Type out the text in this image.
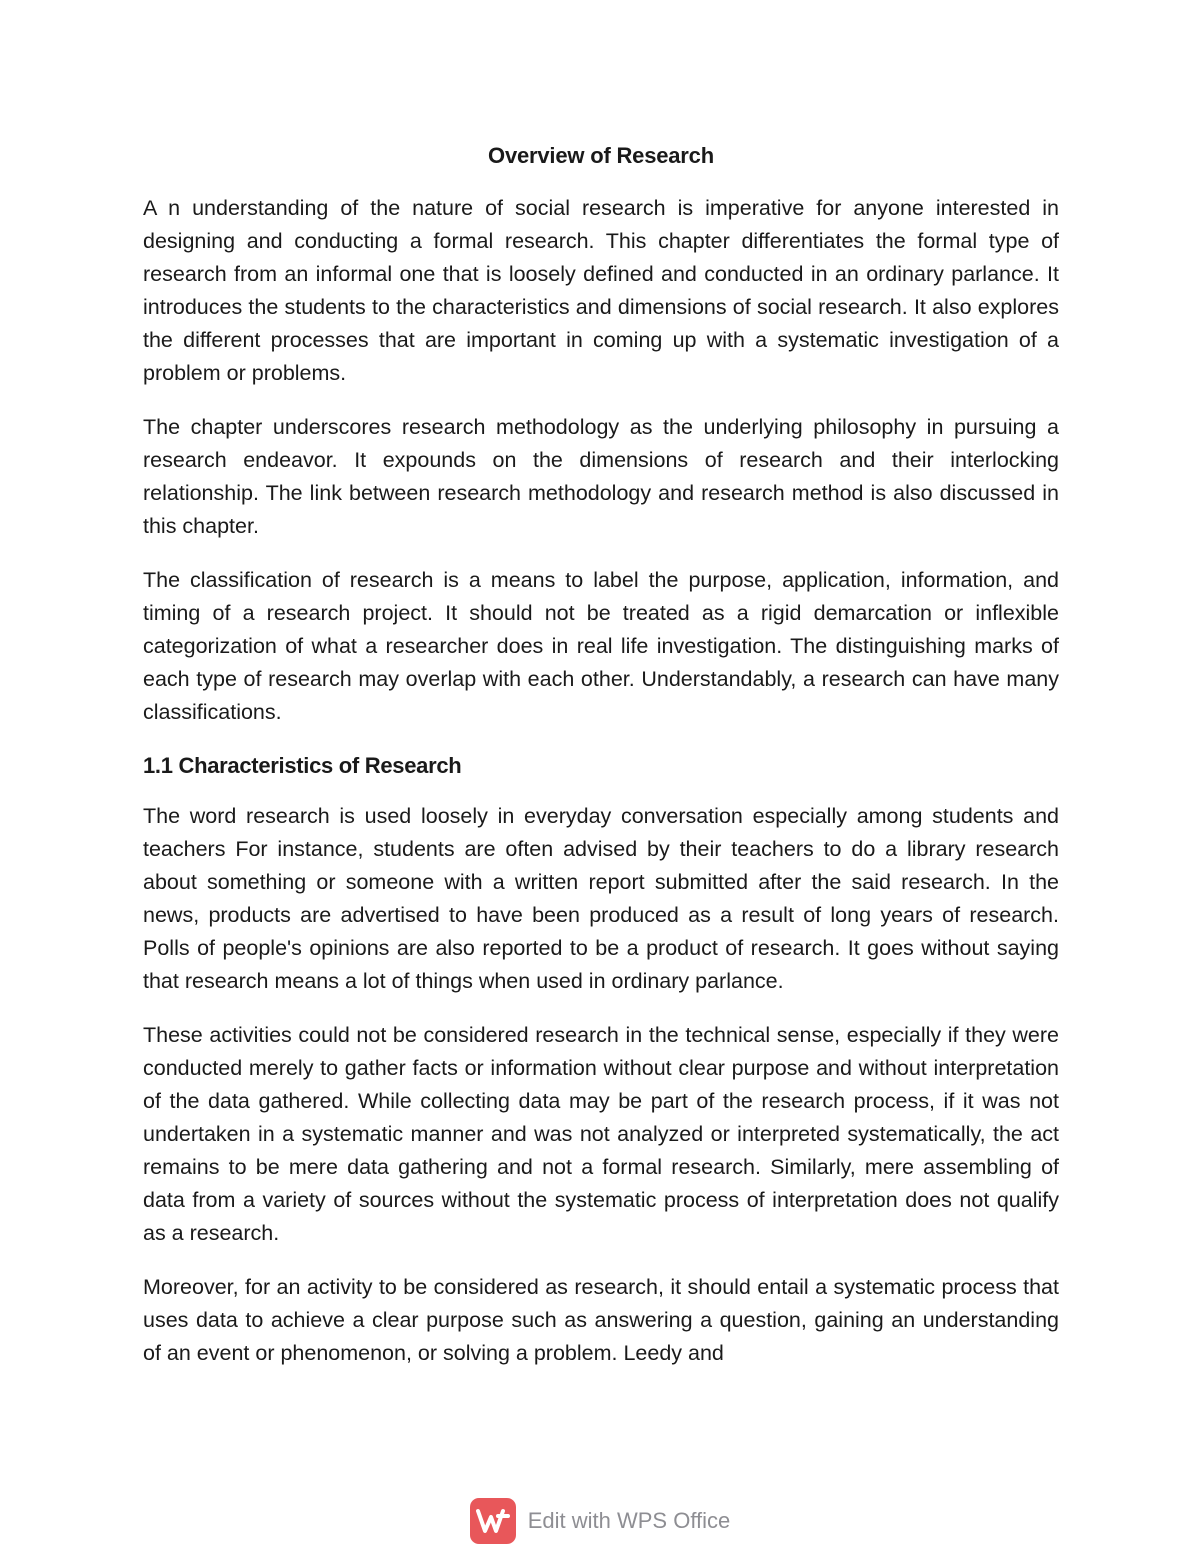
Overview of Research

A n understanding of the nature of social research is imperative for anyone interested in designing and conducting a formal research. This chapter differentiates the formal type of research from an informal one that is loosely defined and conducted in an ordinary parlance. It introduces the students to the characteristics and dimensions of social research. It also explores the different processes that are important in coming up with a systematic investigation of a problem or problems.

The chapter underscores research methodology as the underlying philosophy in pursuing a research endeavor. It expounds on the dimensions of research and their interlocking relationship. The link between research methodology and research method is also discussed in this chapter.

The classification of research is a means to label the purpose, application, information, and timing of a research project. It should not be treated as a rigid demarcation or inflexible categorization of what a researcher does in real life investigation. The distinguishing marks of each type of research may overlap with each other. Understandably, a research can have many classifications.

1.1 Characteristics of Research

The word research is used loosely in everyday conversation especially among students and teachers For instance, students are often advised by their teachers to do a library research about something or someone with a written report submitted after the said research. In the news, products are advertised to have been produced as a result of long years of research. Polls of people's opinions are also reported to be a product of research. It goes without saying that research means a lot of things when used in ordinary parlance.

These activities could not be considered research in the technical sense, especially if they were conducted merely to gather facts or information without clear purpose and without interpretation of the data gathered. While collecting data may be part of the research process, if it was not undertaken in a systematic manner and was not analyzed or interpreted systematically, the act remains to be mere data gathering and not a formal research. Similarly, mere assembling of data from a variety of sources without the systematic process of interpretation does not qualify as a research.

Moreover, for an activity to be considered as research, it should entail a systematic process that uses data to achieve a clear purpose such as answering a question, gaining an understanding of an event or phenomenon, or solving a problem. Leedy and

Edit with WPS Office
